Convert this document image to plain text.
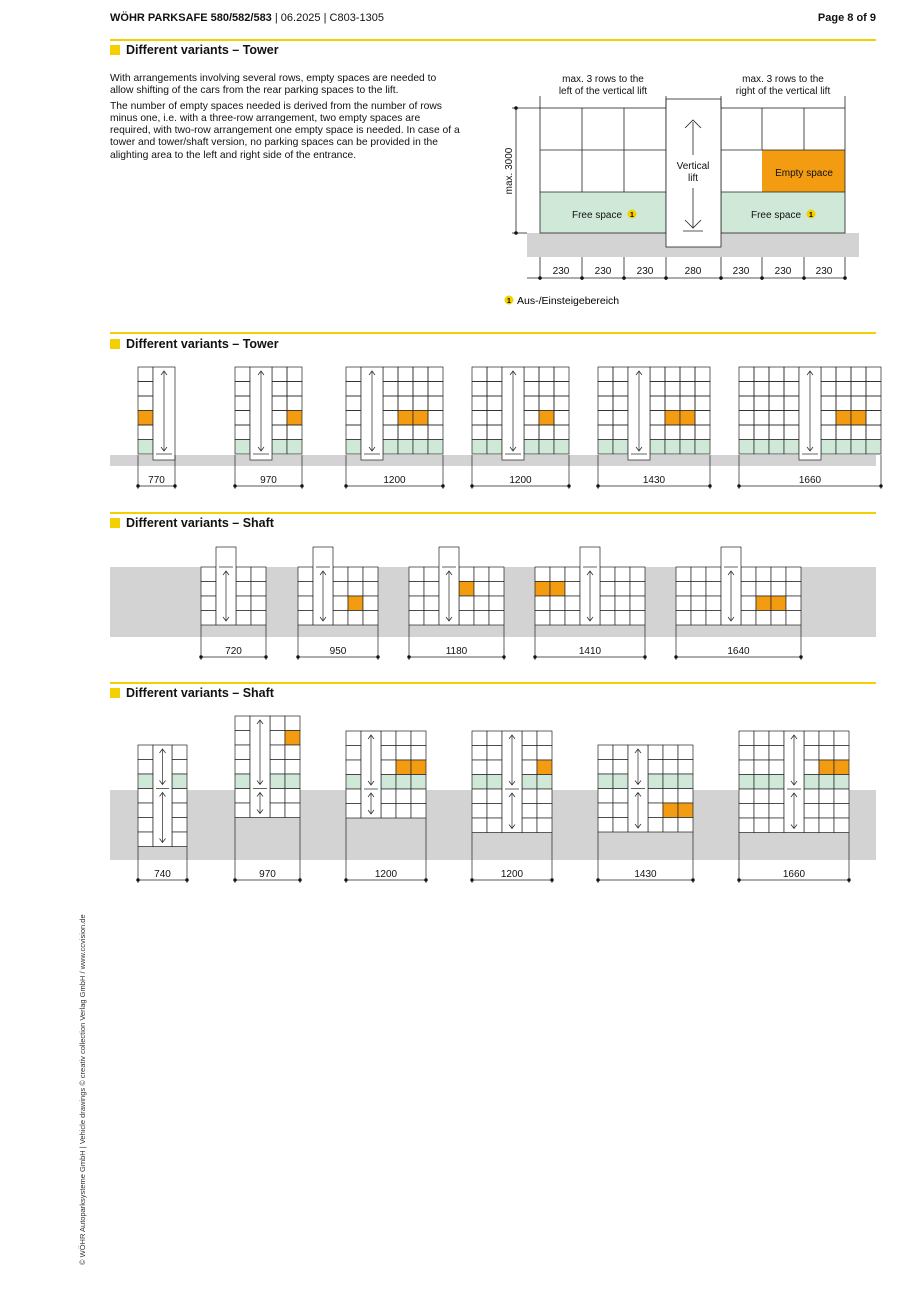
WÖHR PARKSAFE 580/582/583 | 06.2025 | C803-1305	Page 8 of 9
Different variants – Tower

With arrangements involving several rows, empty spaces are needed to allow shifting of the cars from the rear parking spaces to the lift.

The number of empty spaces needed is derived from the number of rows minus one, i.e. with a three-row arrangement, two empty spaces are required, with two-row arrangement one empty space is needed. In case of a tower and tower/shaft version, no parking spaces can be provided in the alighting area to the left and right side of the entrance.

max. 3 rows to the
left of the vertical lift
max. 3 rows to the
right of the vertical lift
Vertical
lift	Empty space
Free space	Free space
max. 3000
230	230	230	280	230	230 230
1	1
1 Aus-/Einsteigebereich
Different variants – Tower
770	970	1200	1200	1430	1660
Different variants – Shaft
720	950	1180	1410	1640
Different variants – Shaft
740	970	1200	1200	1430	1660
© WÖHR Autoparksysteme GmbH | Vehicle drawings © creativ collection Verlag GmbH / www.ccvision.de
